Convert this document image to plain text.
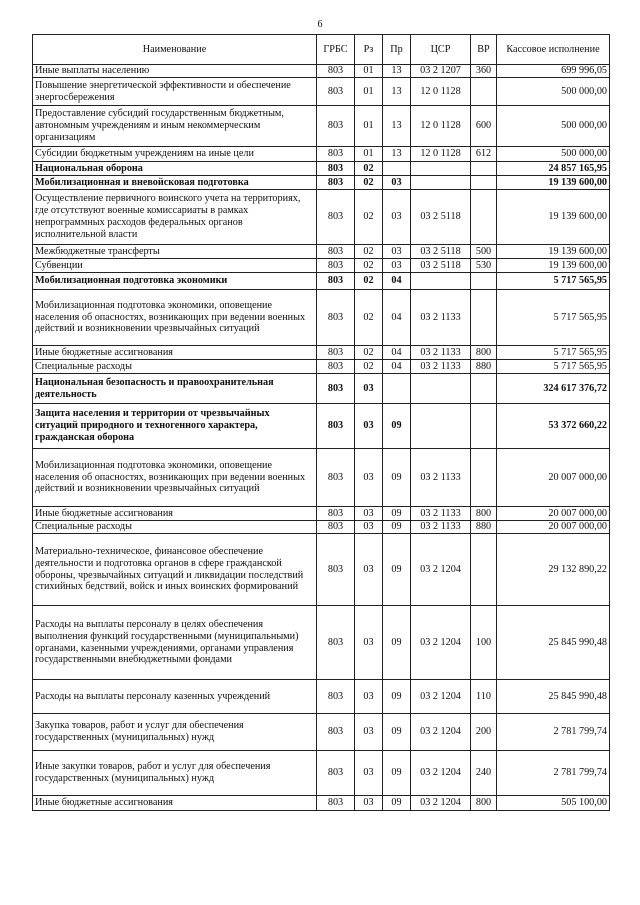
6
Наименование	ГРБС	Рз	Пр	ЦСР	ВР	Кассовое исполнение
Иные выплаты населению	803	01	13	03 2 1207	360	699 996,05
Повышение энергетической эффективности и обеспечение энергосбережения	803	01	13	12 0 1128		500 000,00
Предоставление субсидий государственным бюджетным, автономным учреждениям и иным некоммерческим организациям	803	01	13	12 0 1128	600	500 000,00
Субсидии бюджетным учреждениям на иные цели	803	01	13	12 0 1128	612	500 000,00
Национальная оборона	803	02				24 857 165,95
Мобилизационная и вневойсковая подготовка	803	02	03			19 139 600,00
Осуществление первичного воинского учета на территориях, где отсутствуют военные комиссариаты в рамках непрограммных расходов федеральных органов исполнительной власти	803	02	03	03 2 5118		19 139 600,00
Межбюджетные трансферты	803	02	03	03 2 5118	500	19 139 600,00
Субвенции	803	02	03	03 2 5118	530	19 139 600,00
Мобилизационная подготовка экономики	803	02	04			5 717 565,95
Мобилизационная подготовка экономики, оповещение населения об опасностях, возникающих при ведении военных действий и возникновении чрезвычайных ситуаций	803	02	04	03 2 1133		5 717 565,95
Иные бюджетные ассигнования	803	02	04	03 2 1133	800	5 717 565,95
Специальные расходы	803	02	04	03 2 1133	880	5 717 565,95
Национальная безопасность и правоохранительная деятельность	803	03				324 617 376,72
Защита населения и территории от чрезвычайных ситуаций природного и техногенного характера, гражданская оборона	803	03	09			53 372 660,22
Мобилизационная подготовка экономики, оповещение населения об опасностях, возникающих при ведении военных действий и возникновении чрезвычайных ситуаций	803	03	09	03 2 1133		20 007 000,00
Иные бюджетные ассигнования	803	03	09	03 2 1133	800	20 007 000,00
Специальные расходы	803	03	09	03 2 1133	880	20 007 000,00
Материально-техническое, финансовое обеспечение деятельности и подготовка органов в сфере гражданской обороны, чрезвычайных ситуаций и ликвидации последствий стихийных бедствий, войск и иных воинских формирований	803	03	09	03 2 1204		29 132 890,22
Расходы на выплаты персоналу в целях обеспечения выполнения функций государственными (муниципальными) органами, казенными учреждениями, органами управления государственными внебюджетными фондами	803	03	09	03 2 1204	100	25 845 990,48
Расходы на выплаты персоналу казенных учреждений	803	03	09	03 2 1204	110	25 845 990,48
Закупка товаров, работ и услуг для обеспечения государственных (муниципальных) нужд	803	03	09	03 2 1204	200	2 781 799,74
Иные закупки товаров, работ и услуг для обеспечения государственных (муниципальных) нужд	803	03	09	03 2 1204	240	2 781 799,74
Иные бюджетные ассигнования	803	03	09	03 2 1204	800	505 100,00
